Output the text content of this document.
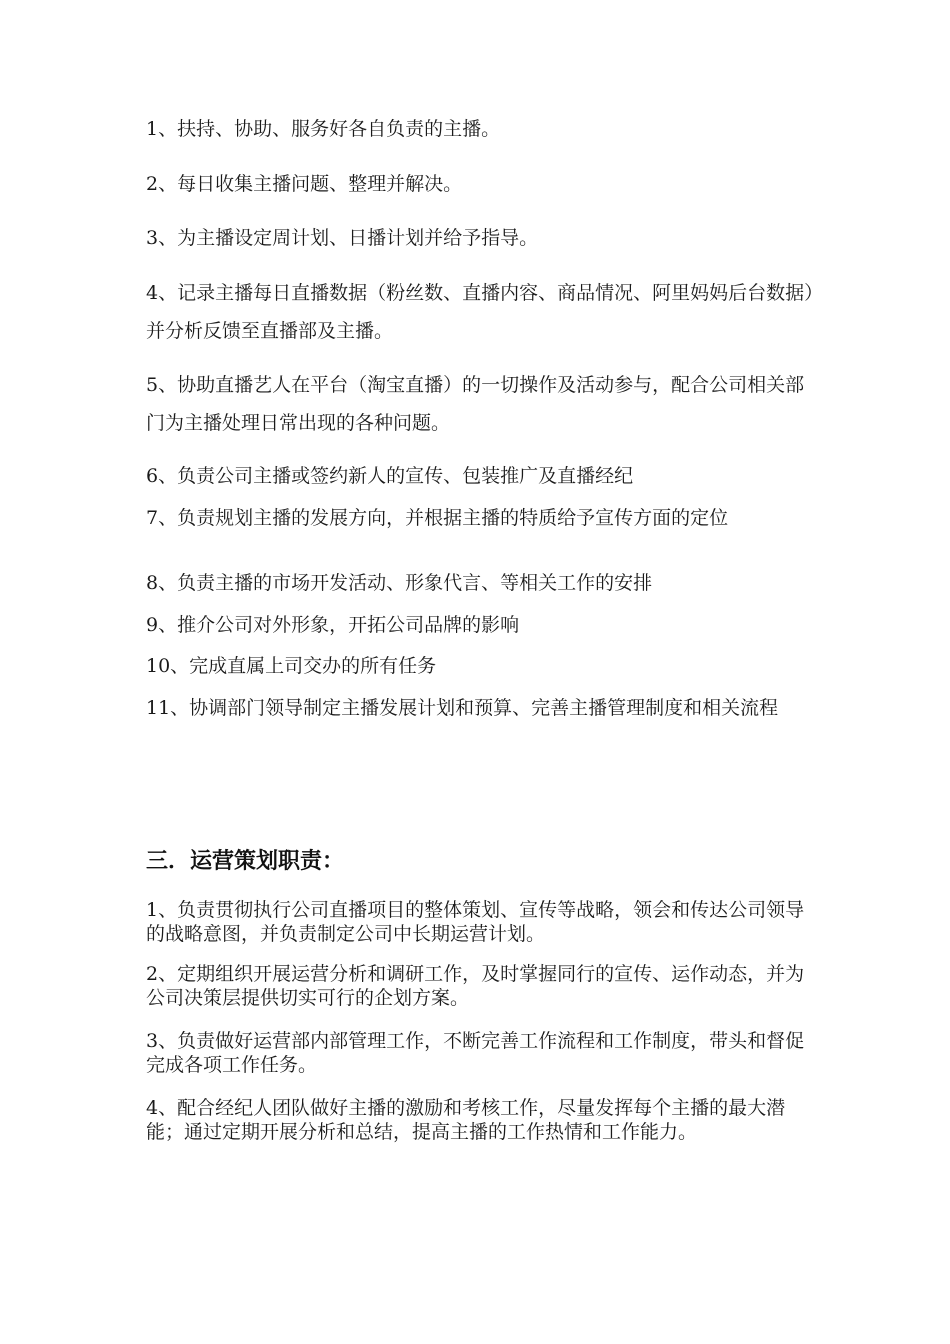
1、扶持、协助、服务好各自负责的主播。

2、每日收集主播问题、整理并解决。

3、为主播设定周计划、日播计划并给予指导。

4、记录主播每日直播数据（粉丝数、直播内容、商品情况、阿里妈妈后台数据）并分析反馈至直播部及主播。

5、协助直播艺人在平台（淘宝直播）的一切操作及活动参与，配合公司相关部门为主播处理日常出现的各种问题。

6、负责公司主播或签约新人的宣传、包装推广及直播经纪

7、负责规划主播的发展方向，并根据主播的特质给予宣传方面的定位

8、负责主播的市场开发活动、形象代言、等相关工作的安排

9、推介公司对外形象，开拓公司品牌的影响

10、完成直属上司交办的所有任务

11、协调部门领导制定主播发展计划和预算、完善主播管理制度和相关流程

三．运营策划职责：

1、负责贯彻执行公司直播项目的整体策划、宣传等战略，领会和传达公司领导的战略意图，并负责制定公司中长期运营计划。

2、定期组织开展运营分析和调研工作，及时掌握同行的宣传、运作动态，并为公司决策层提供切实可行的企划方案。

3、负责做好运营部内部管理工作，不断完善工作流程和工作制度，带头和督促完成各项工作任务。

4、配合经纪人团队做好主播的激励和考核工作，尽量发挥每个主播的最大潜能；通过定期开展分析和总结，提高主播的工作热情和工作能力。
